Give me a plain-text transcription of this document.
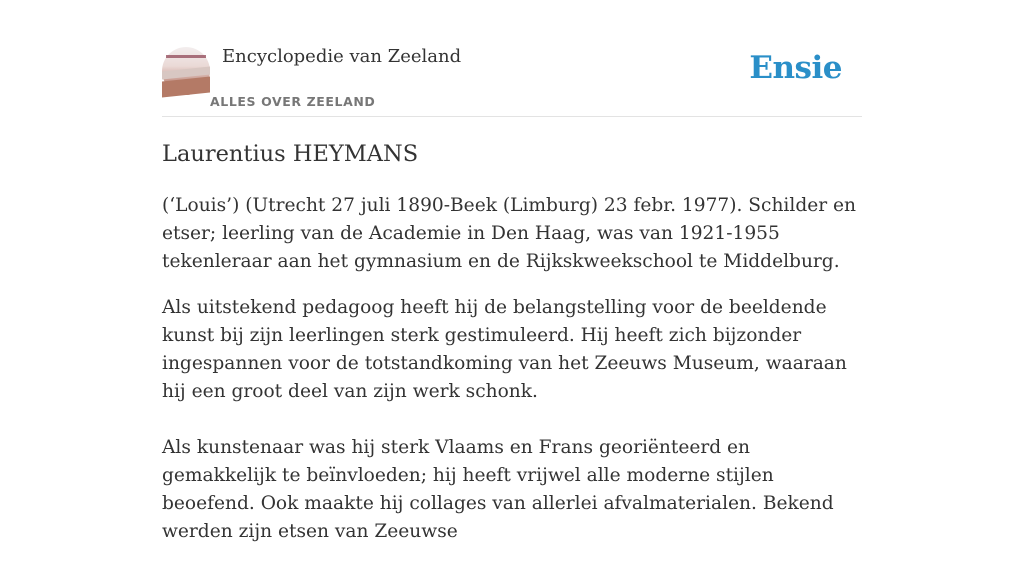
Encyclopedie van Zeeland
ALLES OVER ZEELAND
Ensie
Laurentius HEYMANS

(‘Louis’) (Utrecht 27 juli 1890-Beek (Limburg) 23 febr. 1977). Schilder en etser; leerling van de Academie in Den Haag, was van 1921-1955 tekenleraar aan het gymnasium en de Rijkskweekschool te Middelburg.

Als uitstekend pedagoog heeft hij de belangstelling voor de beeldende kunst bij zijn leerlingen sterk gestimuleerd. Hij heeft zich bijzonder ingespannen voor de totstandkoming van het Zeeuws Museum, waaraan hij een groot deel van zijn werk schonk.

Als kunstenaar was hij sterk Vlaams en Frans georiënteerd en gemakkelijk te beïnvloeden; hij heeft vrijwel alle moderne stijlen beoefend. Ook maakte hij collages van allerlei afvalmaterialen. Bekend werden zijn etsen van Zeeuwse
